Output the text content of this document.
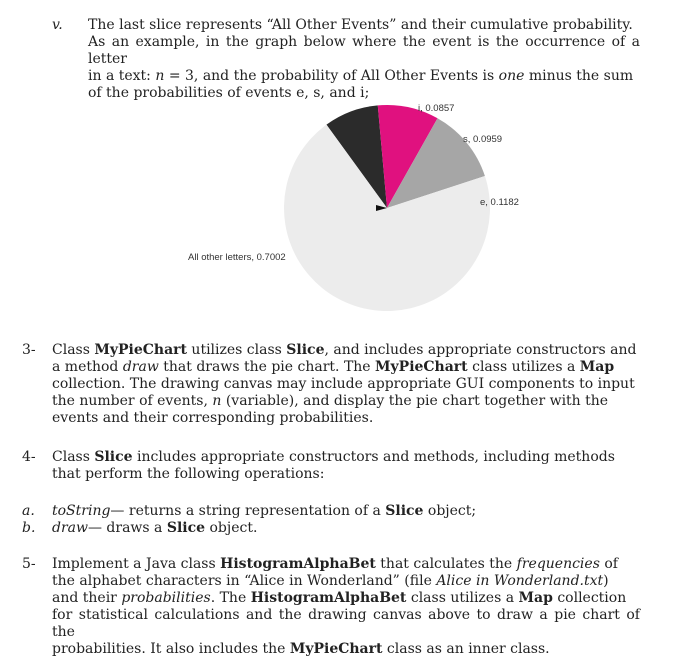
v. The last slice represents “All Other Events” and their cumulative probability.
As an example, in the graph below where the event is the occurrence of a letter
in a text: n = 3, and the probability of All Other Events is one minus the sum
of the probabilities of events e, s, and i;
i, 0.0857
s, 0.0959
e, 0.1182
All other letters, 0.7002
3- Class MyPieChart utilizes class Slice, and includes appropriate constructors and
a method draw that draws the pie chart. The MyPieChart class utilizes a Map
collection. The drawing canvas may include appropriate GUI components to input
the number of events, n (variable), and display the pie chart together with the
events and their corresponding probabilities.
4- Class Slice includes appropriate constructors and methods, including methods
that perform the following operations:
a. toString— returns a string representation of a Slice object;
b. draw— draws a Slice object.
5- Implement a Java class HistogramAlphaBet that calculates the frequencies of
the alphabet characters in “Alice in Wonderland” (file Alice in Wonderland.txt)
and their probabilities. The HistogramAlphaBet class utilizes a Map collection
for statistical calculations and the drawing canvas above to draw a pie chart of the
probabilities. It also includes the MyPieChart class as an inner class.
